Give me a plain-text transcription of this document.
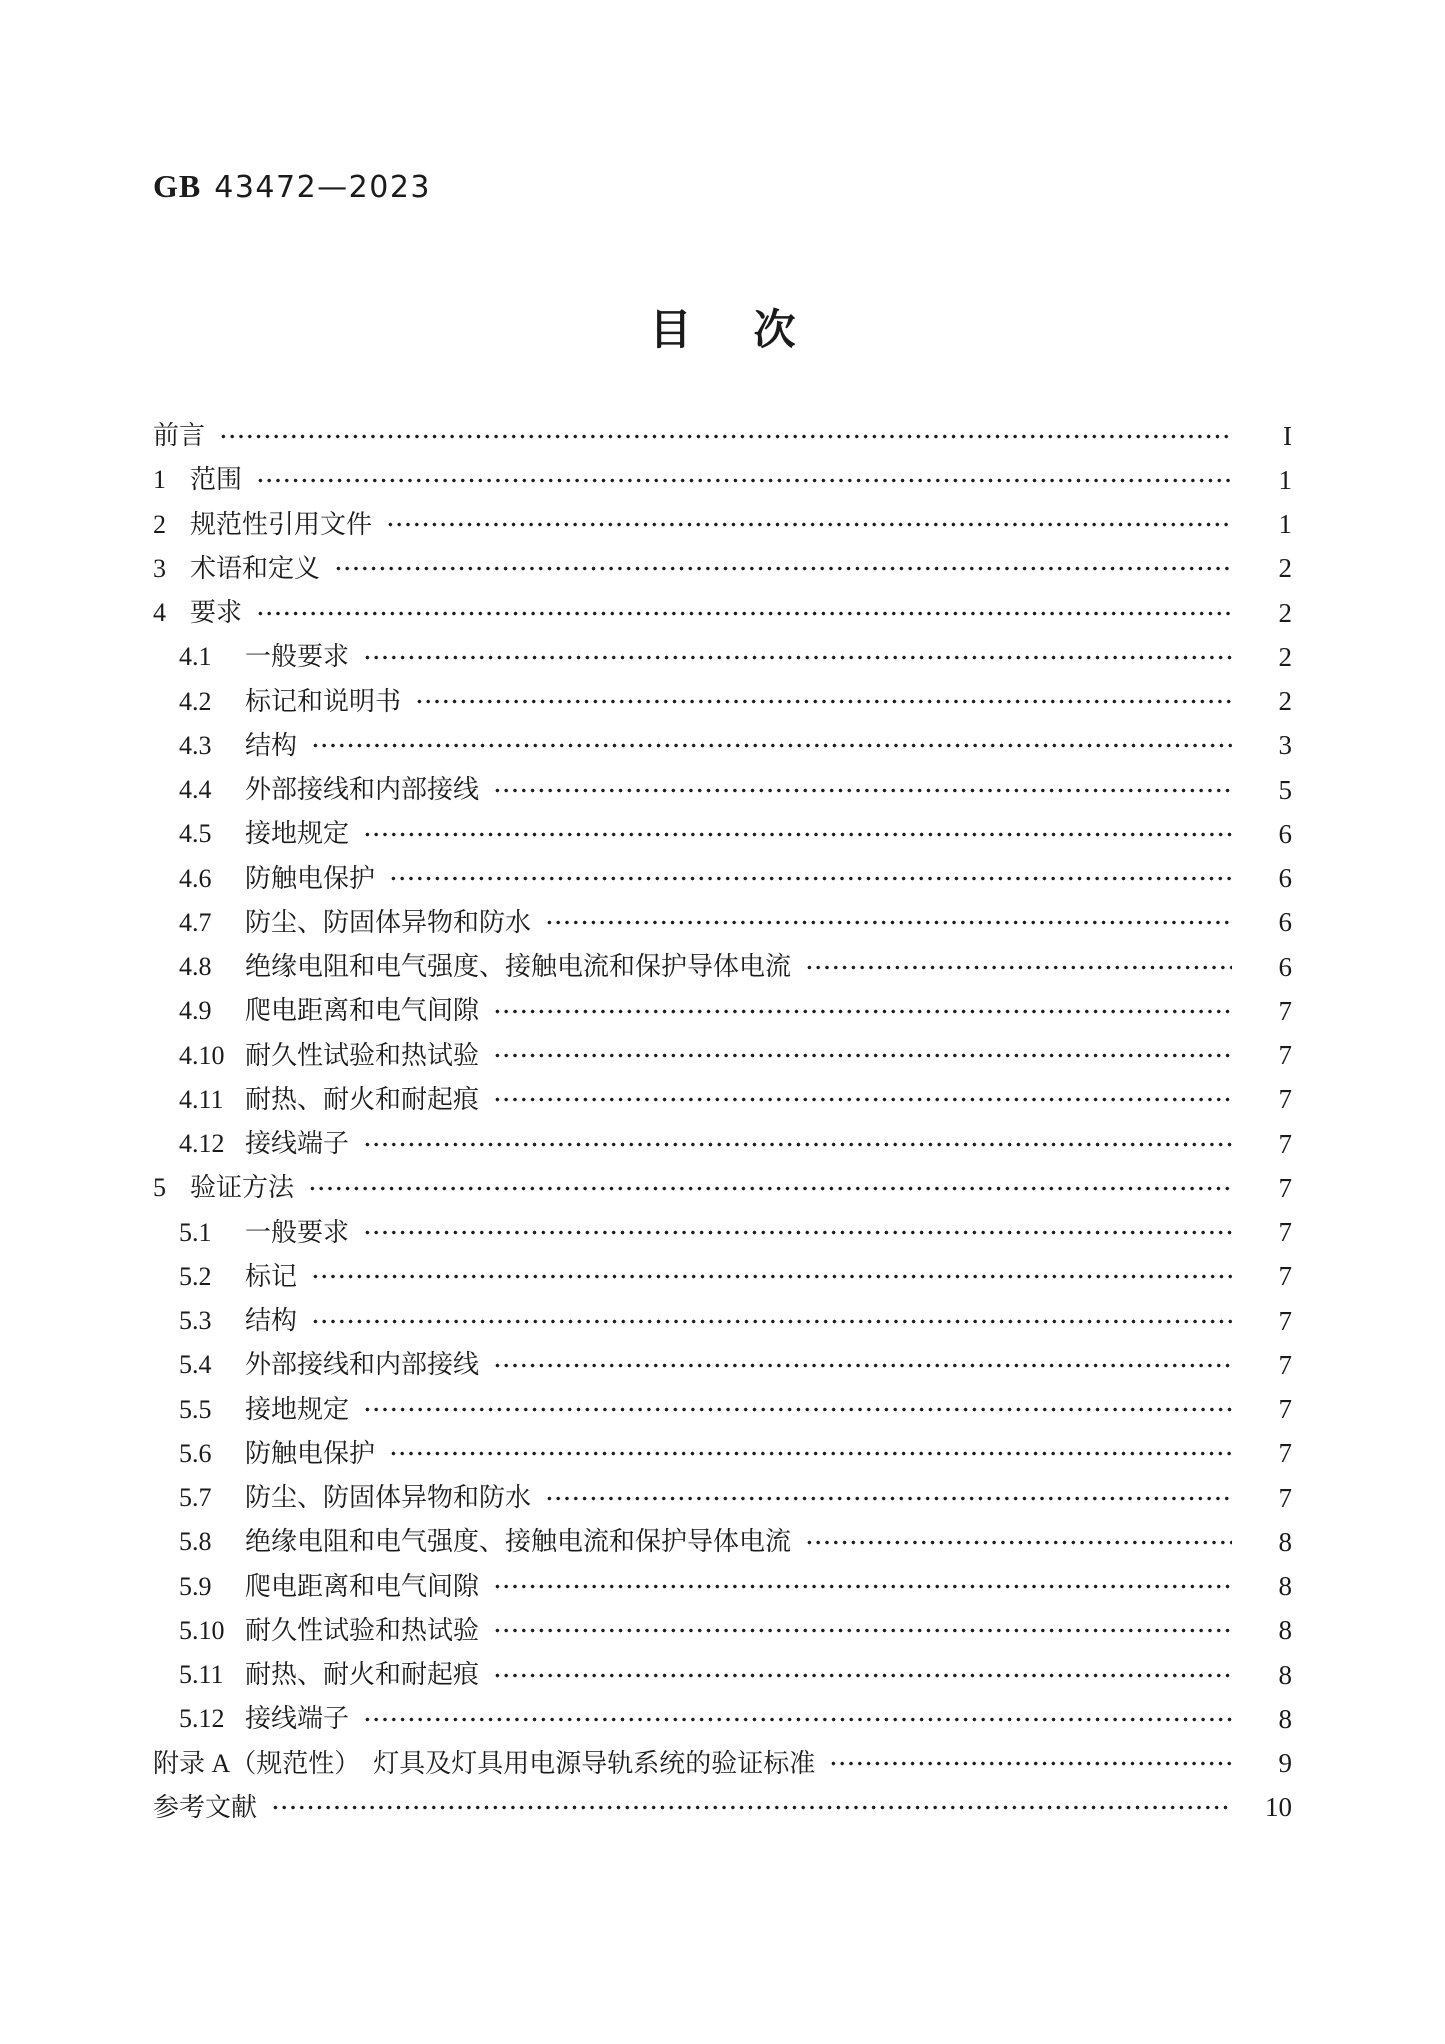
GB 43472—2023
目　次
前言	I
1 范围	1
2 规范性引用文件	1
3 术语和定义	2
4 要求	2
4.1	一般要求	2
4.2	标记和说明书	2
4.3	结构	3
4.4	外部接线和内部接线	5
4.5	接地规定	6
4.6	防触电保护	6
4.7	防尘、防固体异物和防水	6
4.8	绝缘电阻和电气强度、接触电流和保护导体电流	6
4.9	爬电距离和电气间隙	7
4.10 耐久性试验和热试验	7
4.11 耐热、耐火和耐起痕	7
4.12 接线端子	7
5 验证方法	7
5.1	一般要求	7
5.2	标记	7
5.3	结构	7
5.4	外部接线和内部接线	7
5.5	接地规定	7
5.6	防触电保护	7
5.7	防尘、防固体异物和防水	7
5.8	绝缘电阻和电气强度、接触电流和保护导体电流	8
5.9	爬电距离和电气间隙	8
5.10 耐久性试验和热试验	8
5.11 耐热、耐火和耐起痕	8
5.12 接线端子	8
附录 A（规范性）　灯具及灯具用电源导轨系统的验证标准	9
参考文献	10
